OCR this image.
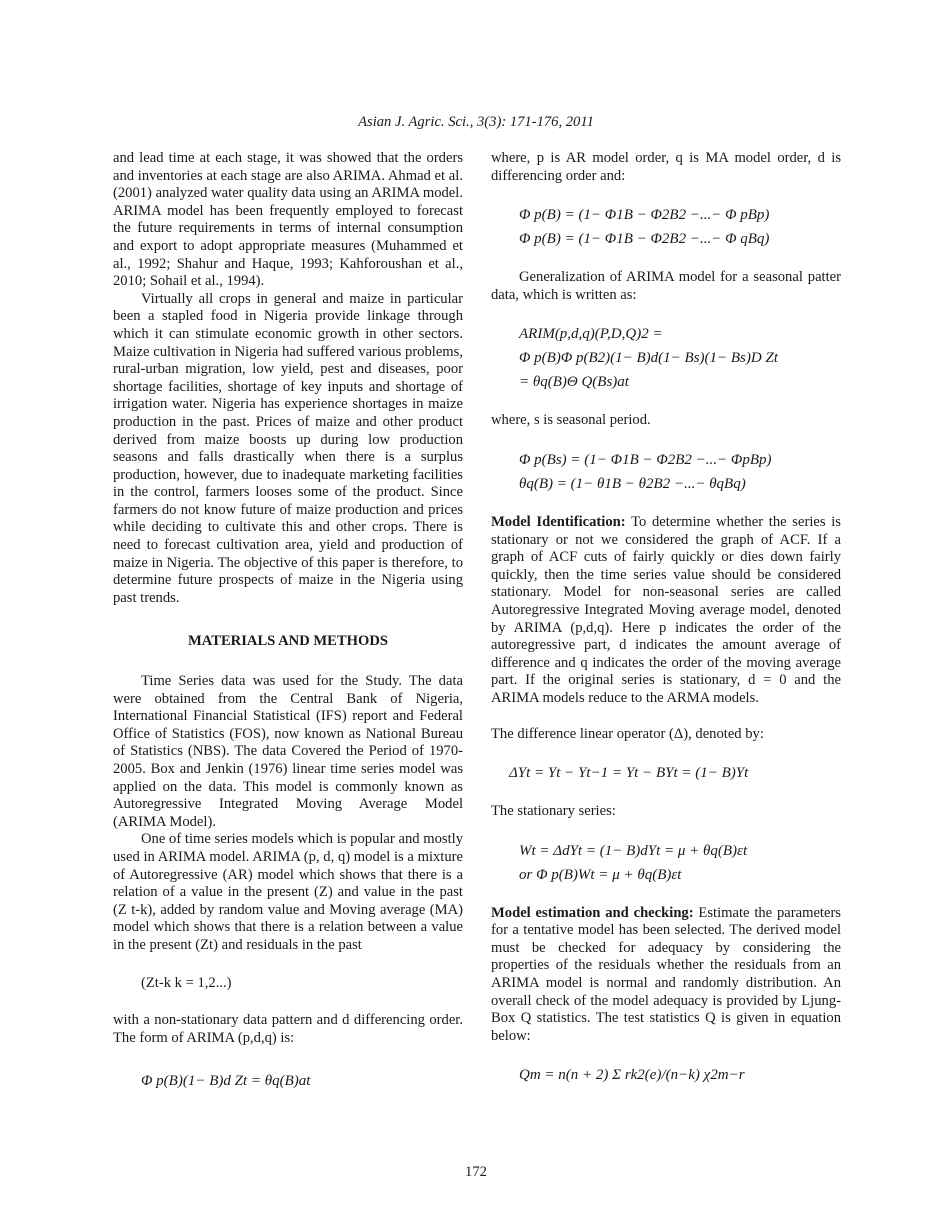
Asian J. Agric. Sci., 3(3): 171-176, 2011

and lead time at each stage, it was showed that the orders and inventories at each stage are also ARIMA. Ahmad et al. (2001) analyzed water quality data using an ARIMA model. ARIMA model has been frequently employed to forecast the future requirements in terms of internal consumption and export to adopt appropriate measures (Muhammed et al., 1992; Shahur and Haque, 1993; Kahforoushan et al., 2010; Sohail et al., 1994).

Virtually all crops in general and maize in particular been a stapled food in Nigeria provide linkage through which it can stimulate economic growth in other sectors. Maize cultivation in Nigeria had suffered various problems, rural-urban migration, low yield, pest and diseases, poor shortage facilities, shortage of key inputs and shortage of irrigation water. Nigeria has experience shortages in maize production in the past. Prices of maize and other product derived from maize boosts up during low production seasons and falls drastically when there is a surplus production, however, due to inadequate marketing facilities in the control, farmers looses some of the product. Since farmers do not know future of maize production and prices while deciding to cultivate this and other crops. There is need to forecast cultivation area, yield and production of maize in Nigeria. The objective of this paper is therefore, to determine future prospects of maize in the Nigeria using past trends.

MATERIALS AND METHODS

Time Series data was used for the Study. The data were obtained from the Central Bank of Nigeria, International Financial Statistical (IFS) report and Federal Office of Statistics (FOS), now known as National Bureau of Statistics (NBS). The data Covered the Period of 1970-2005. Box and Jenkin (1976) linear time series model was applied on the data. This model is commonly known as Autoregressive Integrated Moving Average Model (ARIMA Model).

One of time series models which is popular and mostly used in ARIMA model. ARIMA (p, d, q) model is a mixture of Autoregressive (AR) model which shows that there is a relation of a value in the present (Z) and value in the past (Z t-k), added by random value and Moving average (MA) model which shows that there is a relation between a value in the present (Zt) and residuals in the past

(Zt-k k = 1,2...)

with a non-stationary data pattern and d differencing order. The form of ARIMA (p,d,q) is:

Φ p(B)(1− B)d Zt = θq(B)at

where, p is AR model order, q is MA model order, d is differencing order and:

Φ p(B) = (1− Φ1B − Φ2B2 −...− Φ pBp)
Φ p(B) = (1− Φ1B − Φ2B2 −...− Φ qBq)

Generalization of ARIMA model for a seasonal patter data, which is written as:

ARIM(p,d,q)(P,D,Q)2 =
Φ p(B)Φ p(B2)(1− B)d(1− Bs)(1− Bs)D Zt
= θq(B)Θ Q(Bs)at

where, s is seasonal period.

Φ p(Bs) = (1− Φ1B − Φ2B2 −...− ΦpBp)
θq(B) = (1− θ1B − θ2B2 −...− θqBq)

Model Identification: To determine whether the series is stationary or not we considered the graph of ACF. If a graph of ACF cuts of fairly quickly or dies down fairly quickly, then the time series value should be considered stationary. Model for non-seasonal series are called Autoregressive Integrated Moving average model, denoted by ARIMA (p,d,q). Here p indicates the order of the autoregressive part, d indicates the amount average of difference and q indicates the order of the moving average part. If the original series is stationary, d = 0 and the ARIMA models reduce to the ARMA models.

The difference linear operator (Δ), denoted by:

ΔYt = Yt − Yt−1 = Yt − BYt = (1− B)Yt

The stationary series:

Wt = ΔdYt = (1− B)dYt = μ + θq(B)εt
or Φ p(B)Wt = μ + θq(B)εt

Model estimation and checking: Estimate the parameters for a tentative model has been selected. The derived model must be checked for adequacy by considering the properties of the residuals whether the residuals from an ARIMA model is normal and randomly distribution. An overall check of the model adequacy is provided by Ljung-Box Q statistics. The test statistics Q is given in equation below:

Qm = n(n + 2) Σ rk2(e)/(n−k) χ2m−r
172
